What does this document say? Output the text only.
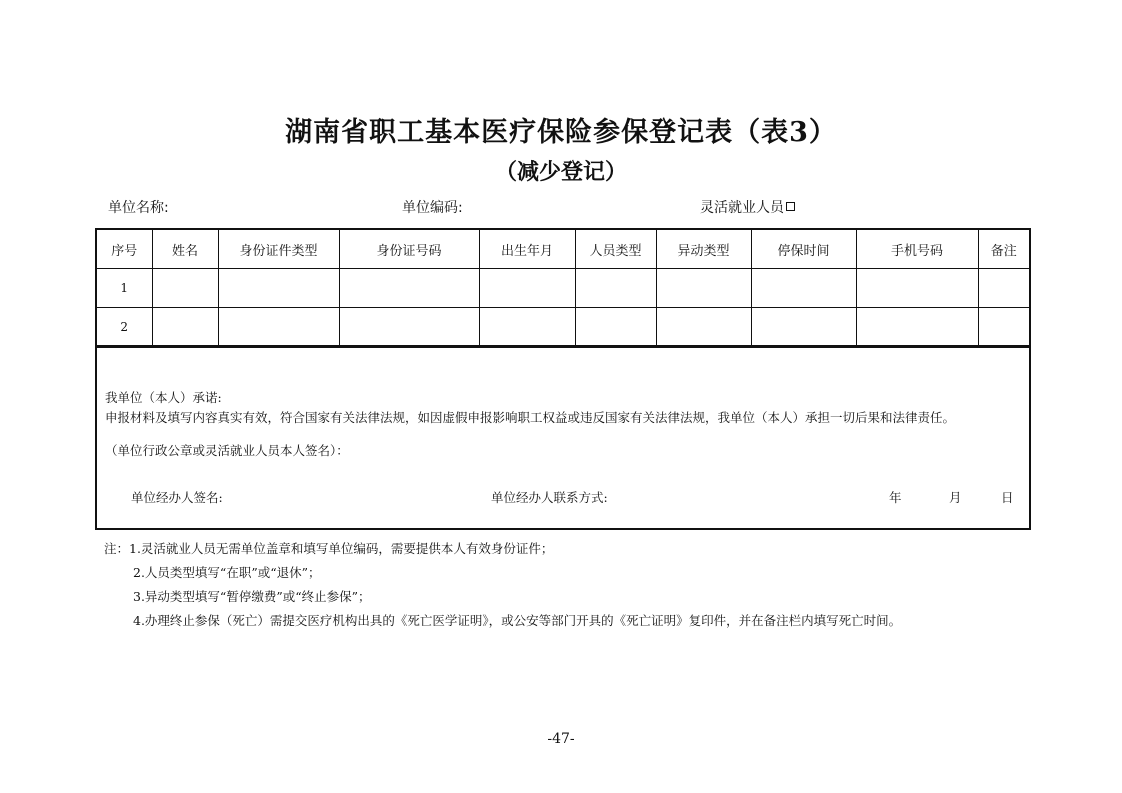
湖南省职工基本医疗保险参保登记表（表3）
（减少登记）
单位名称:	单位编码:	灵活就业人员
序号	姓名	身份证件类型	身份证号码	出生年月	人员类型	异动类型	停保时间	手机号码	备注
1									
2									
我单位（本人）承诺:
申报材料及填写内容真实有效，符合国家有关法律法规，如因虚假申报影响职工权益或违反国家有关法律法规，我单位（本人）承担一切后果和法律责任。
（单位行政公章或灵活就业人员本人签名）：
单位经办人签名:	单位经办人联系方式:	年	月	日
注：1.灵活就业人员无需单位盖章和填写单位编码，需要提供本人有效身份证件；
2.人员类型填写“在职”或“退休”；
3.异动类型填写“暂停缴费”或“终止参保”；
4.办理终止参保（死亡）需提交医疗机构出具的《死亡医学证明》，或公安等部门开具的《死亡证明》复印件，并在备注栏内填写死亡时间。
-47-
